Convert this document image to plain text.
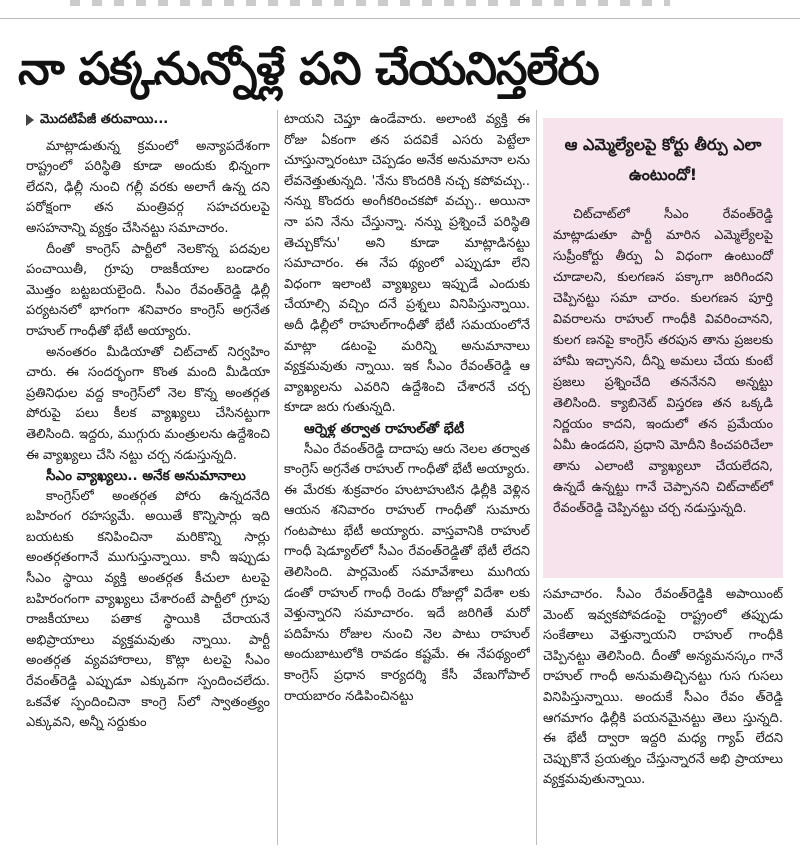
నా పక్కనున్నోళ్లే పని చేయనిస్తలేరు
మొదటిపేజీ తరువాయి...

మాట్లాడుతున్న క్రమంలో అన్యాపదేశంగా రాష్ట్రంలో పరిస్థితి కూడా అందుకు భిన్నంగా లేదని, ఢిల్లీ నుంచి గల్లీ వరకు అలాగే ఉన్న దని పరోక్షంగా తన మంత్రివర్గ సహచరులపై అసహనాన్ని వ్యక్తం చేసినట్టు సమాచారం.

దీంతో కాంగ్రెస్ పార్టీలో నెలకొన్న పదవుల పంచాయితీ, గ్రూపు రాజకీయాల బండారం మొత్తం బట్టబయలైంది. సీఎం రేవంత్‌రెడ్డి ఢిల్లీ పర్యటనలో భాగంగా శనివారం కాంగ్రెస్ అగ్రనేత రాహుల్ గాంధీతో భేటీ అయ్యారు.

అనంతరం మీడియాతో చిట్‌చాట్ నిర్వహిం చారు. ఈ సందర్భంగా కొంత మంది మీడియా ప్రతినిధుల వద్ద కాంగ్రెస్‌లో నెల కొన్న అంతర్గత పోరుపై పలు కీలక వ్యాఖ్యలు చేసినట్టుగా తెలిసింది. ఇద్దరు, ముగ్గురు మంత్రులను ఉద్దేశించి ఈ వ్యాఖ్యలు చేసి నట్టు చర్చ నడుస్తున్నది.

సీఎం వ్యాఖ్యలు.. అనేక అనుమానాలు

కాంగ్రెస్‌లో అంతర్గత పోరు ఉన్నదనేది బహిరంగ రహస్యమే. అయితే కొన్నిసార్లు ఇది బయటకు కనిపించినా మరికొన్ని సార్లు అంతర్గతంగానే ముగుస్తున్నాయి. కానీ ఇప్పుడు సీఎం స్థాయి వ్యక్తి అంతర్గత కీచులా టలపై బహిరంగంగా వ్యాఖ్యలు చేశారంటే పార్టీలో గ్రూపు రాజకీయాలు పతాక స్థాయికి చేరాయనే అభిప్రాయాలు వ్యక్తమవుతు న్నాయి. పార్టీ అంతర్గత వ్యవహారాలు, కొట్లా టలపై సీఎం రేవంత్‌రెడ్డి ఎప్పుడూ ఎక్కువగా స్పందించలేదు. ఒకవేళ స్పందించినా కాంగ్రె స్‌లో స్వాతంత్ర్యం ఎక్కువని, అన్నీ సర్దుకుం

టాయని చెప్తూ ఉండేవారు. అలాంటి వ్యక్తి ఈ రోజు ఏకంగా తన పదవికే ఎసరు పెట్టేలా చూస్తున్నారంటూ చెప్పడం అనేక అనుమానా లను లేవనెత్తుతున్నది. 'నేను కొందరికి నచ్చ కపోవచ్చు.. నన్ను కొందరు అంగీకరించకపో వచ్చు.. అయినా నా పని నేను చేస్తున్నా. నన్ను ప్రశ్నించే పరిస్థితి తెచ్చుకోను' అని కూడా మాట్లాడినట్టు సమాచారం. ఈ నేప థ్యంలో ఎప్పుడూ లేని విధంగా ఇలాంటి వ్యాఖ్యలు ఇప్పుడే ఎందుకు చేయాల్సి వచ్చిం దనే ప్రశ్నలు వినిపిస్తున్నాయి. అదీ ఢిల్లీలో రాహుల్‌గాంధీతో భేటీ సమయంలోనే మాట్లా డటంపై మరిన్ని అనుమానాలు వ్యక్తమవుతు న్నాయి. ఇక సీఎం రేవంత్‌రెడ్డి ఆ వ్యాఖ్యలను ఎవరిని ఉద్దేశించి చేశారనే చర్చ కూడా జరు గుతున్నది.

ఆర్నెళ్ల తర్వాత రాహుల్‌తో భేటీ

సీఎం రేవంత్‌రెడ్డి దాదాపు ఆరు నెలల తర్వాత కాంగ్రెస్ అగ్రనేత రాహుల్ గాంధీతో భేటీ అయ్యారు. ఈ మేరకు శుక్రవారం హుటాహుటిన ఢిల్లీకి వెళ్లిన ఆయన శనివారం రాహుల్ గాంధీతో సుమారు గంటపాటు భేటీ అయ్యారు. వాస్తవానికి రాహుల్ గాంధీ షెడ్యూల్‌లో సీఎం రేవంత్‌రెడ్డితో భేటీ లేదని తెలిసింది. పార్లమెంట్ సమావేశాలు ముగియ డంతో రాహుల్ గాంధీ రెండు రోజుల్లో విదేశా లకు వెళ్తున్నారని సమాచారం. ఇదే జరిగితే మరో పదిహేను రోజుల నుంచి నెల పాటు రాహుల్ అందుబాటులోకి రావడం కష్టమే. ఈ నేపథ్యంలో కాంగ్రెస్ ప్రధాన కార్యదర్శి కేసీ వేణుగోపాల్ రాయబారం నడిపించినట్టు

ఆ ఎమ్మెల్యేలపై కోర్టు తీర్పు ఎలా ఉంటుందో!
చిట్‌చాట్‌లో సీఎం రేవంత్‌రెడ్డి మాట్లాడుతూ పార్టీ మారిన ఎమ్మెల్యేలపై సుప్రీంకోర్టు తీర్పు ఏ విధంగా ఉంటుందో చూడాలని, కులగణన పక్కాగా జరిగిందని చెప్పినట్టు సమా చారం. కులగణన పూర్తి వివరాలను రాహుల్ గాంధీకి వివరించానని, కులగ ణనపై కాంగ్రెస్ తరపున తాను ప్రజలకు హామీ ఇచ్చానని, దీన్ని అమలు చేయ కుంటే ప్రజలు ప్రశ్నించేది తననేనని అన్నట్టు తెలిసింది. క్యాబినెట్ విస్తరణ తన ఒక్కడి నిర్ణయం కాదని, ఇందులో తన ప్రమేయం ఏమీ ఉండదని, ప్రధాని మోదీని కించపరిచేలా తాను ఎలాంటి వ్యాఖ్యలూ చేయలేదని, ఉన్నదే ఉన్నట్టు గానే చెప్పానని చిట్‌చాట్‌లో రేవంత్‌రెడ్డి చెప్పినట్టు చర్చ నడుస్తున్నది.

సమాచారం. సీఎం రేవంత్‌రెడ్డికి అపాయింట్ మెంట్ ఇవ్వకపోవడంపై రాష్ట్రంలో తప్పుడు సంకేతాలు వెళ్తున్నాయని రాహుల్ గాంధీకి చెప్పినట్టు తెలిసింది. దీంతో అన్యమనస్కం గానే రాహుల్ గాంధీ అనుమతిచ్చినట్టు గుస గుసలు వినిపిస్తున్నాయి. అందుకే సీఎం రేవం త్‌రెడ్డి ఆగమాగం ఢిల్లీకి పయనమైనట్టు తెలు స్తున్నది. ఈ భేటీ ద్వారా ఇద్దరి మధ్య గ్యాప్ లేదని చెప్పుకొనే ప్రయత్నం చేస్తున్నారనే అభి ప్రాయాలు వ్యక్తమవుతున్నాయి.
